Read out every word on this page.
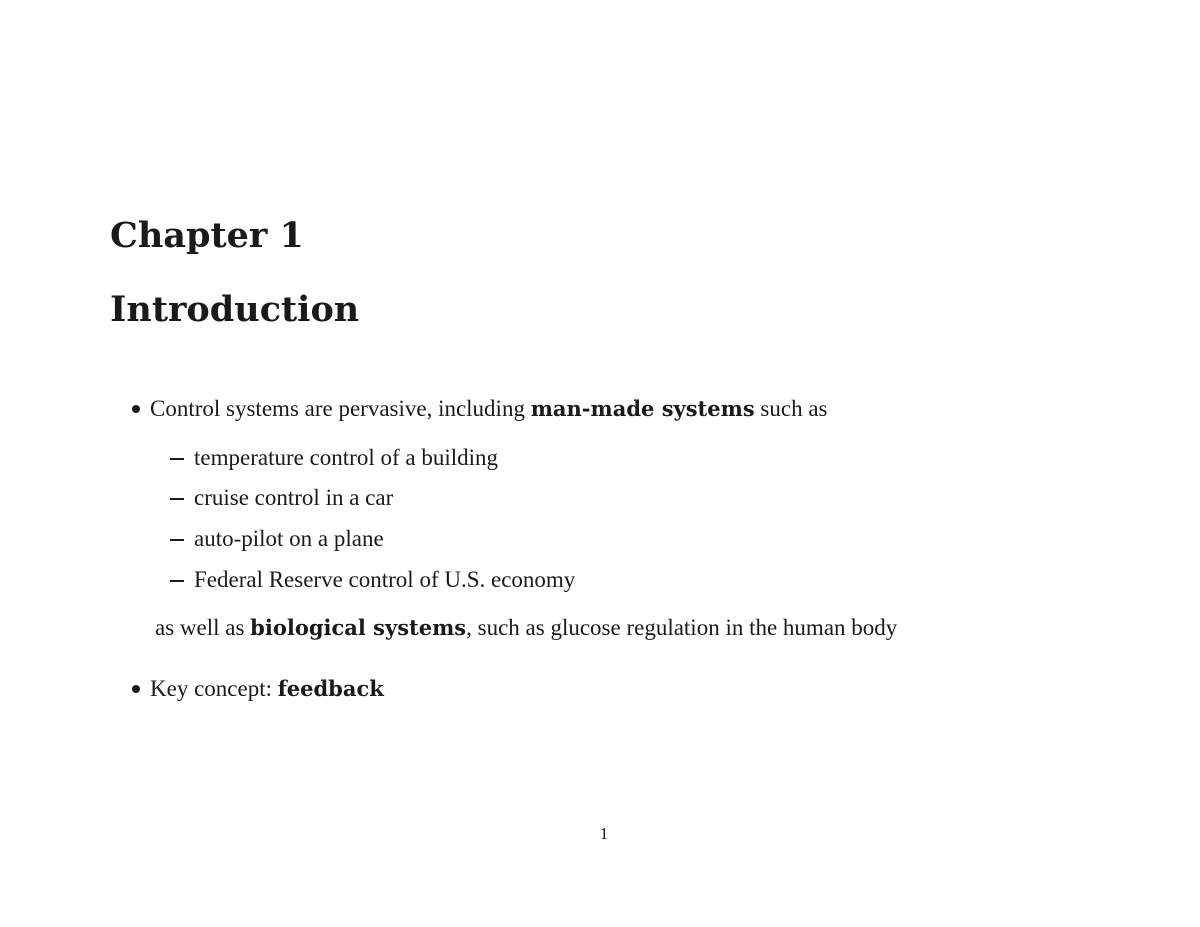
Chapter 1
Introduction
Control systems are pervasive, including man-made systems such as
temperature control of a building
cruise control in a car
auto-pilot on a plane
Federal Reserve control of U.S. economy
as well as biological systems, such as glucose regulation in the human body
Key concept: feedback
1
